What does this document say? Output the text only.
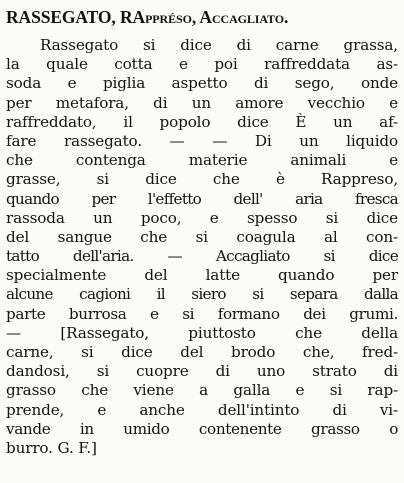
RASSEGATO, RAppréso, Accagliato.
Rassegato si dice di carne grassa,
la quale cotta e poi raffreddata as-
soda e piglia aspetto di sego, onde
per metafora, di un amore vecchio e
raffreddato, il popolo dice È un af-
fare rassegato. — — Di un liquido
che contenga materie animali e
grasse, si dice che è Rappreso,
quando per l'effetto dell' aria fresca
rassoda un poco, e spesso si dice
del sangue che si coagula al con-
tatto dell'aria. — Accagliato si dice
specialmente del latte quando per
alcune cagioni il siero si separa dalla
parte burrosa e si formano dei grumi.
— [Rassegato, piuttosto che della
carne, si dice del brodo che, fred-
dandosi, si cuopre di uno strato di
grasso che viene a galla e si rap-
prende, e anche dell'intinto di vi-
vande in umido contenente grasso o
burro. G. F.]
